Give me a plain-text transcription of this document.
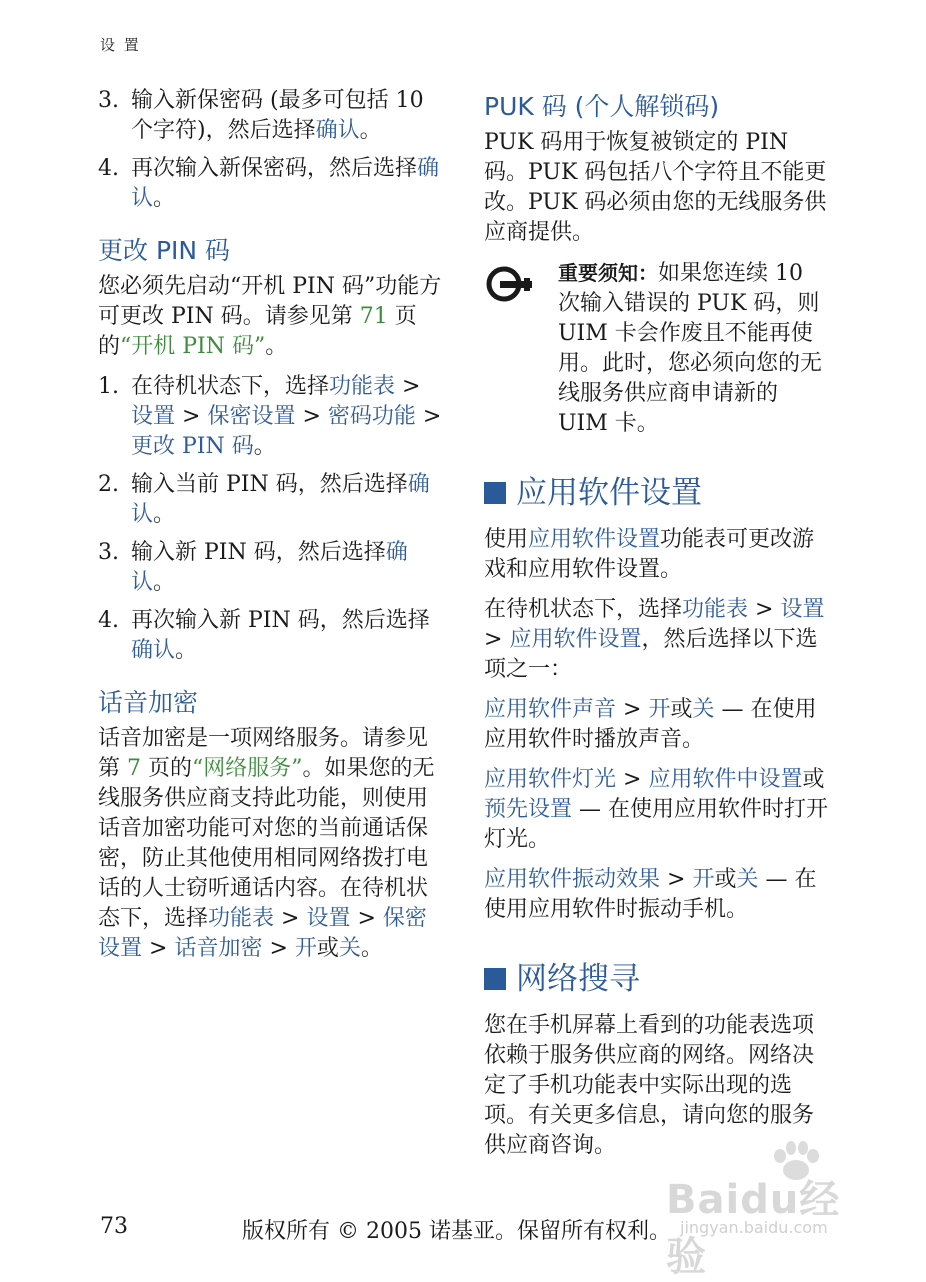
设 置
3. 输入新保密码 (最多可包括 10 个字符)，然后选择确认。
4. 再次输入新保密码，然后选择确认。
更改 PIN 码

您必须先启动“开机 PIN 码”功能方可更改 PIN 码。请参见第 71 页的“开机 PIN 码”。

1. 在待机状态下，选择功能表 > 设置 > 保密设置 > 密码功能 > 更改 PIN 码。
2. 输入当前 PIN 码，然后选择确认。
3. 输入新 PIN 码，然后选择确认。
4. 再次输入新 PIN 码，然后选择确认。
话音加密

话音加密是一项网络服务。请参见第 7 页的“网络服务”。如果您的无线服务供应商支持此功能，则使用话音加密功能可对您的当前通话保密，防止其他使用相同网络拨打电话的人士窃听通话内容。在待机状态下，选择功能表 > 设置 > 保密设置 > 话音加密 > 开或关。

PUK 码 (个人解锁码)

PUK 码用于恢复被锁定的 PIN 码。PUK 码包括八个字符且不能更改。PUK 码必须由您的无线服务供应商提供。

重要须知：如果您连续 10 次输入错误的 PUK 码，则 UIM 卡会作废且不能再使用。此时，您必须向您的无线服务供应商申请新的 UIM 卡。
应用软件设置

使用应用软件设置功能表可更改游戏和应用软件设置。

在待机状态下，选择功能表 > 设置 > 应用软件设置，然后选择以下选项之一：

应用软件声音 > 开或关 — 在使用应用软件时播放声音。

应用软件灯光 > 应用软件中设置或预先设置 — 在使用应用软件时打开灯光。

应用软件振动效果 > 开或关 — 在使用应用软件时振动手机。

网络搜寻

您在手机屏幕上看到的功能表选项依赖于服务供应商的网络。网络决定了手机功能表中实际出现的选项。有关更多信息，请向您的服务供应商咨询。

73	版权所有 © 2005 诺基亚。保留所有权利。
Baidu经验
jingyan.baidu.com
